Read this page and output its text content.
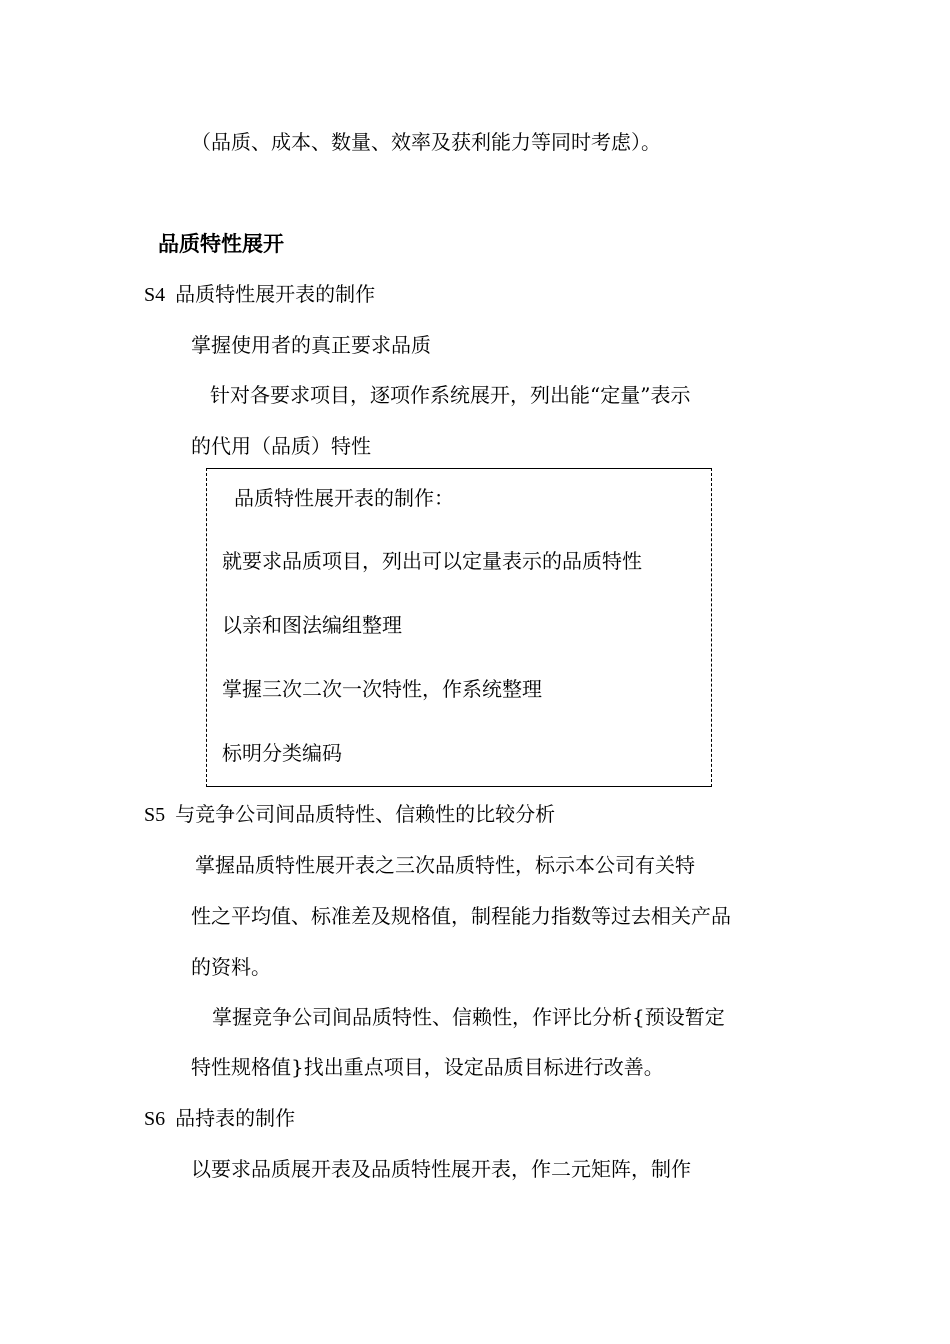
（品质、成本、数量、效率及获利能力等同时考虑）。
品质特性展开
S4 品质特性展开表的制作
掌握使用者的真正要求品质
针对各要求项目，逐项作系统展开，列出能“定量”表示
的代用（品质）特性
品质特性展开表的制作：
就要求品质项目，列出可以定量表示的品质特性
以亲和图法编组整理
掌握三次二次一次特性，作系统整理
标明分类编码
S5 与竞争公司间品质特性、信赖性的比较分析
掌握品质特性展开表之三次品质特性，标示本公司有关特
性之平均值、标准差及规格值，制程能力指数等过去相关产品
的资料。
掌握竞争公司间品质特性、信赖性，作评比分析{预设暂定
特性规格值}找出重点项目，设定品质目标进行改善。
S6 品持表的制作
以要求品质展开表及品质特性展开表，作二元矩阵，制作
